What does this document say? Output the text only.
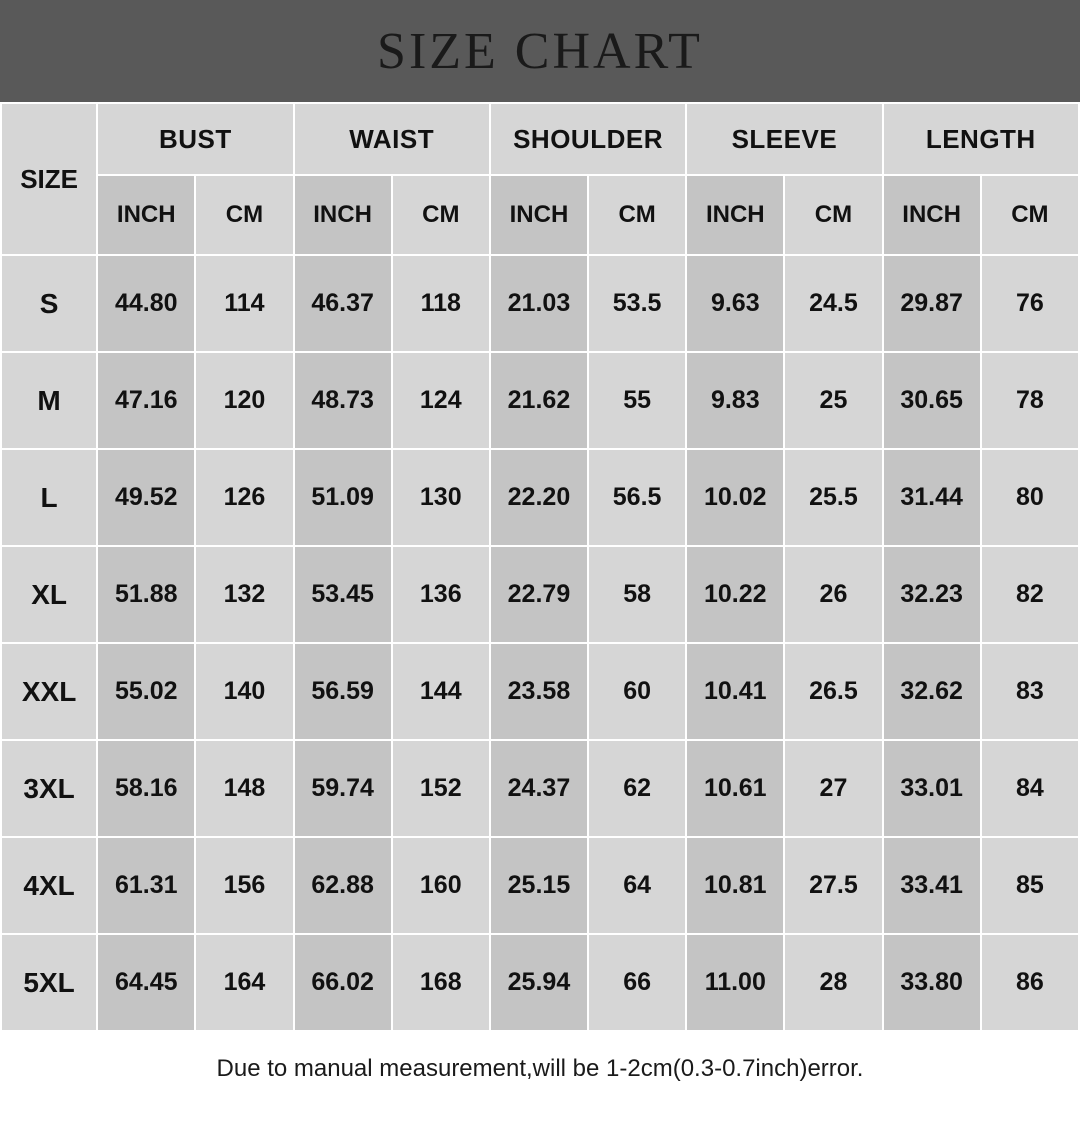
SIZE CHART
SIZE	BUST		WAIST		SHOULDER		SLEEVE		LENGTH	
	INCH	CM	INCH	CM	INCH	CM	INCH	CM	INCH	CM
S	44.80	114	46.37	118	21.03	53.5	9.63	24.5	29.87	76
M	47.16	120	48.73	124	21.62	55	9.83	25	30.65	78
L	49.52	126	51.09	130	22.20	56.5	10.02	25.5	31.44	80
XL	51.88	132	53.45	136	22.79	58	10.22	26	32.23	82
XXL	55.02	140	56.59	144	23.58	60	10.41	26.5	32.62	83
3XL	58.16	148	59.74	152	24.37	62	10.61	27	33.01	84
4XL	61.31	156	62.88	160	25.15	64	10.81	27.5	33.41	85
5XL	64.45	164	66.02	168	25.94	66	11.00	28	33.80	86
Due to manual measurement,will be 1-2cm(0.3-0.7inch)error.
